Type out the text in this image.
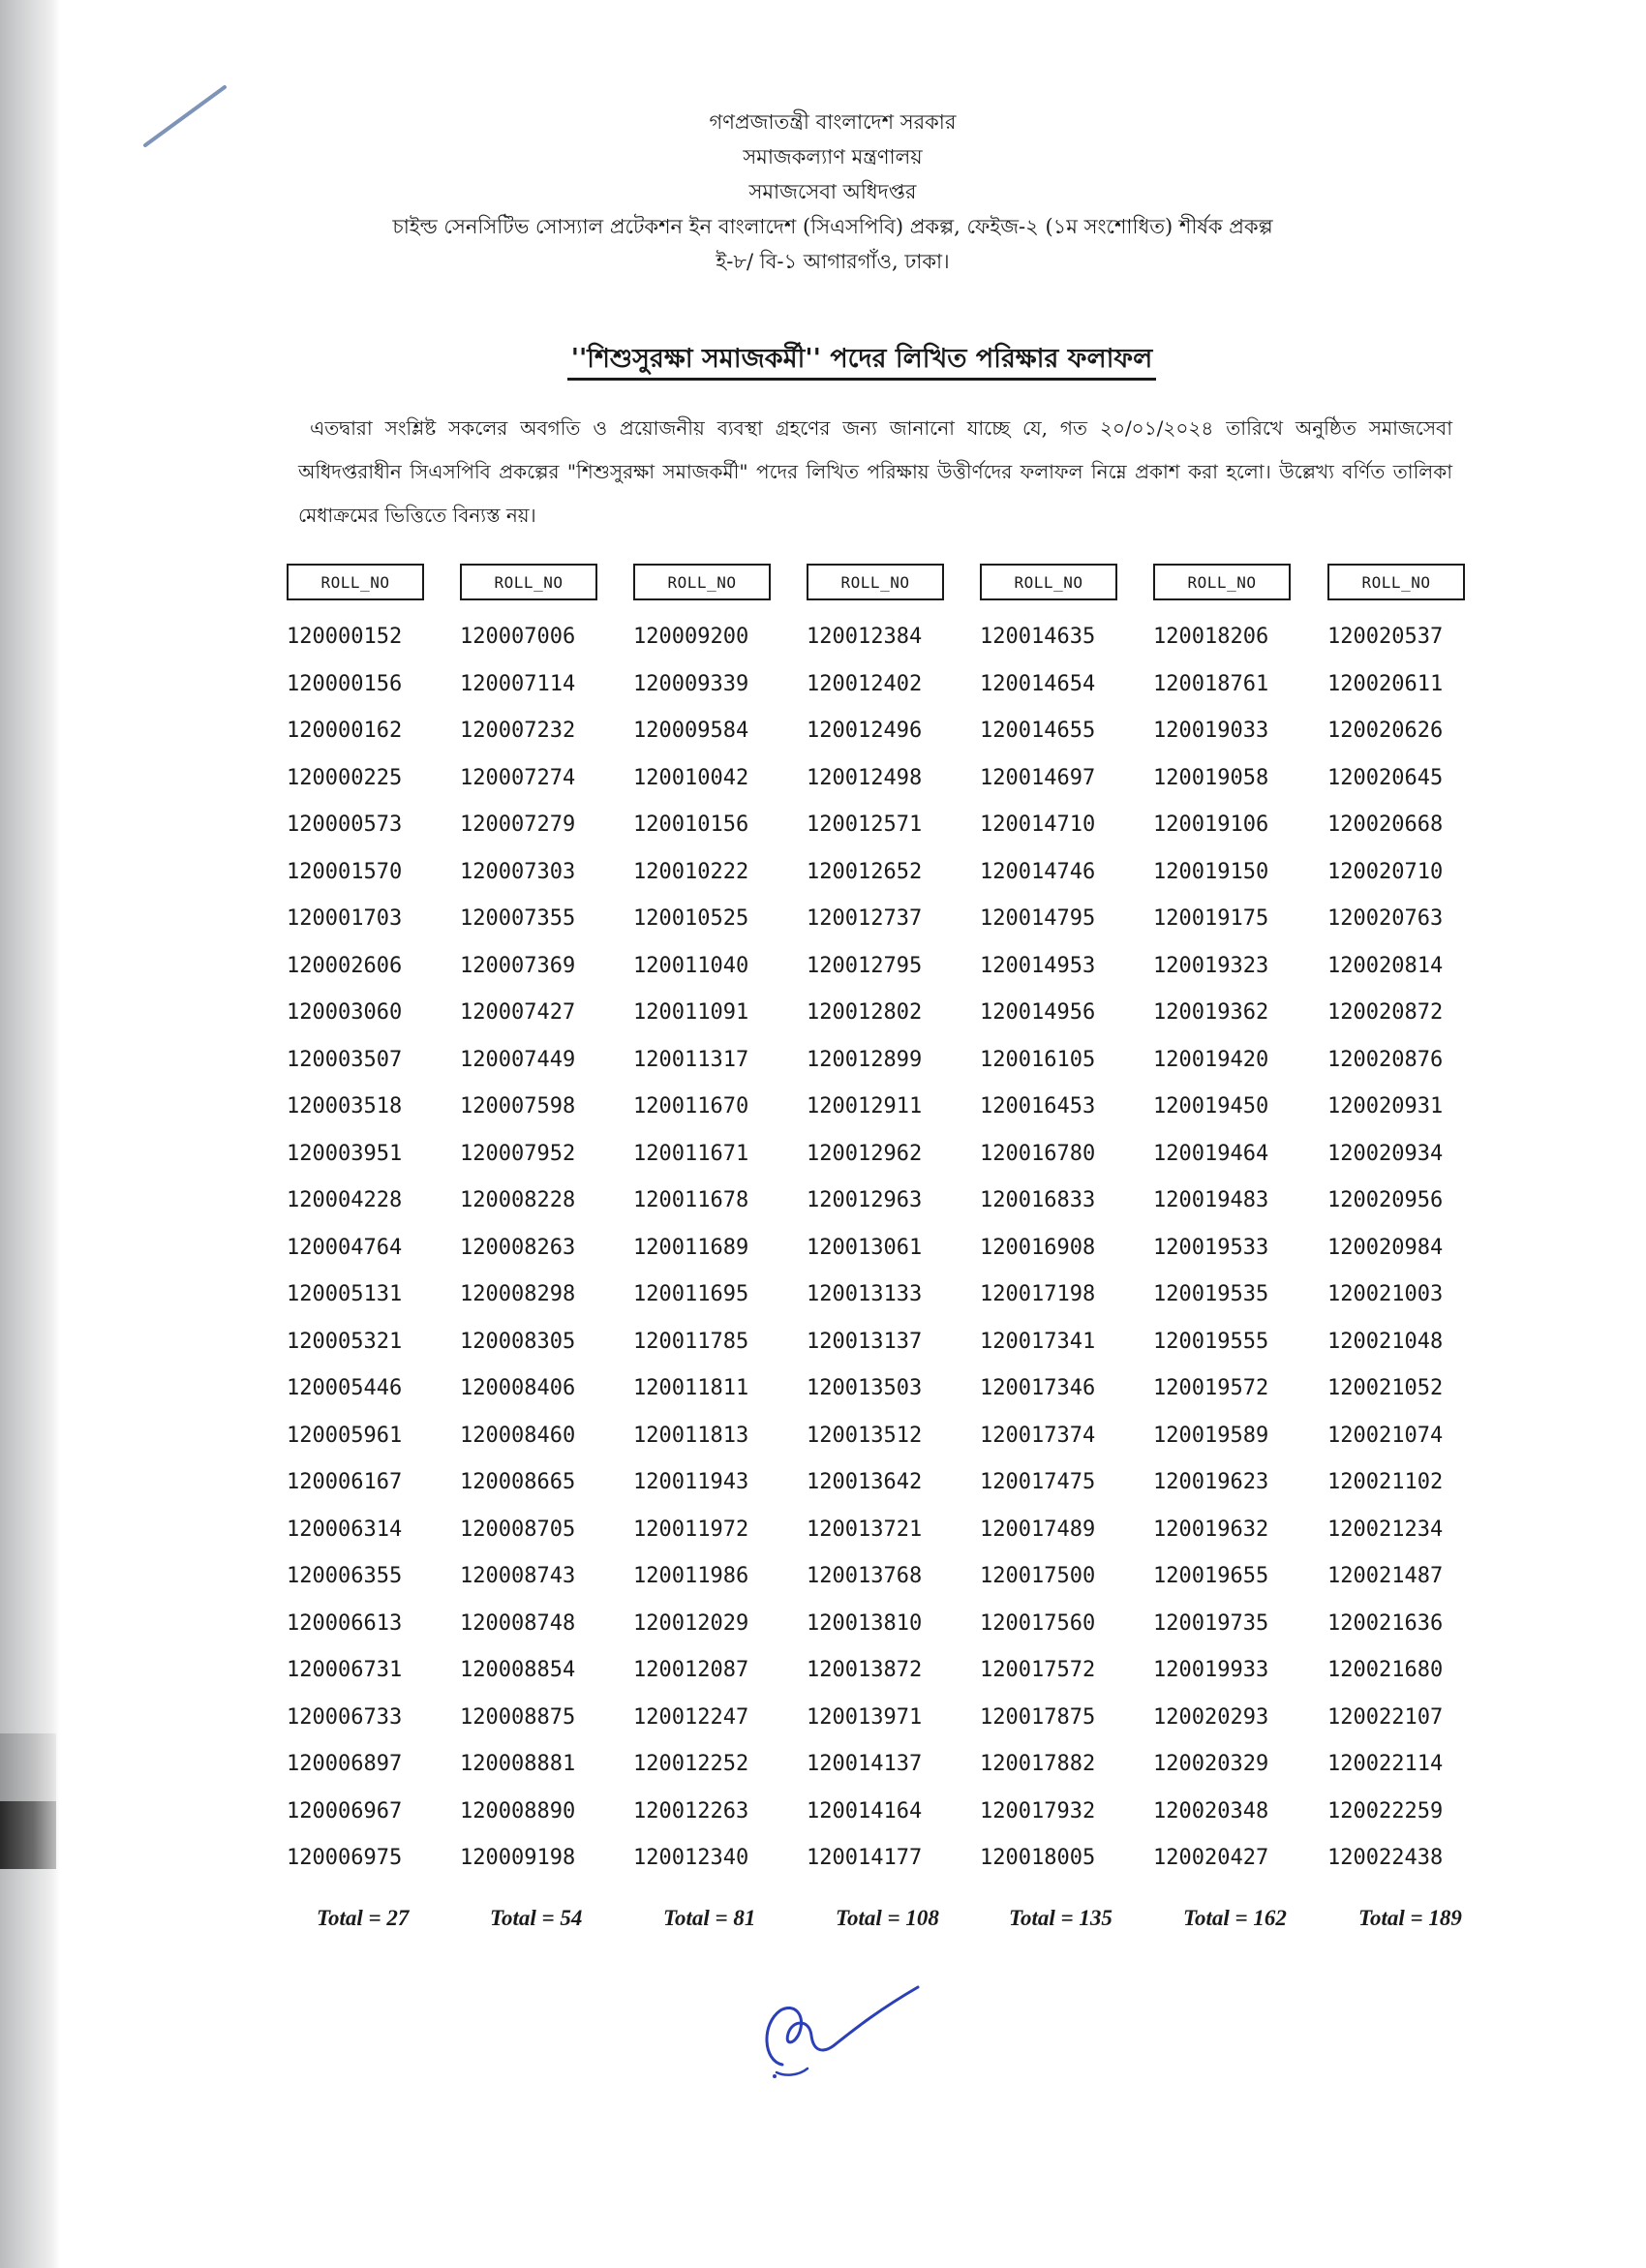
গণপ্রজাতন্ত্রী বাংলাদেশ সরকার
সমাজকল্যাণ মন্ত্রণালয়
সমাজসেবা অধিদপ্তর
চাইল্ড সেনসিটিভ সোস্যাল প্রটেকশন ইন বাংলাদেশ (সিএসপিবি) প্রকল্প, ফেইজ-২ (১ম সংশোধিত) শীর্ষক প্রকল্প
ই-৮/ বি-১ আগারগাঁও, ঢাকা।
''শিশুসুরক্ষা সমাজকর্মী'' পদের লিখিত পরিক্ষার ফলাফল
এতদ্বারা সংশ্লিষ্ট সকলের অবগতি ও প্রয়োজনীয় ব্যবস্থা গ্রহণের জন্য জানানো যাচ্ছে যে, গত ২০/০১/২০২৪ তারিখে অনুষ্ঠিত সমাজসেবা অধিদপ্তরাধীন সিএসপিবি প্রকল্পের "শিশুসুরক্ষা সমাজকর্মী" পদের লিখিত পরিক্ষায় উত্তীর্ণদের ফলাফল নিম্নে প্রকাশ করা হলো। উল্লেখ্য বর্ণিত তালিকা মেধাক্রমের ভিত্তিতে বিন্যস্ত নয়।
ROLL_NO
120000152
120000156
120000162
120000225
120000573
120001570
120001703
120002606
120003060
120003507
120003518
120003951
120004228
120004764
120005131
120005321
120005446
120005961
120006167
120006314
120006355
120006613
120006731
120006733
120006897
120006967
120006975
Total = 27
ROLL_NO
120007006
120007114
120007232
120007274
120007279
120007303
120007355
120007369
120007427
120007449
120007598
120007952
120008228
120008263
120008298
120008305
120008406
120008460
120008665
120008705
120008743
120008748
120008854
120008875
120008881
120008890
120009198
Total = 54
ROLL_NO
120009200
120009339
120009584
120010042
120010156
120010222
120010525
120011040
120011091
120011317
120011670
120011671
120011678
120011689
120011695
120011785
120011811
120011813
120011943
120011972
120011986
120012029
120012087
120012247
120012252
120012263
120012340
Total = 81
ROLL_NO
120012384
120012402
120012496
120012498
120012571
120012652
120012737
120012795
120012802
120012899
120012911
120012962
120012963
120013061
120013133
120013137
120013503
120013512
120013642
120013721
120013768
120013810
120013872
120013971
120014137
120014164
120014177
Total = 108
ROLL_NO
120014635
120014654
120014655
120014697
120014710
120014746
120014795
120014953
120014956
120016105
120016453
120016780
120016833
120016908
120017198
120017341
120017346
120017374
120017475
120017489
120017500
120017560
120017572
120017875
120017882
120017932
120018005
Total = 135
ROLL_NO
120018206
120018761
120019033
120019058
120019106
120019150
120019175
120019323
120019362
120019420
120019450
120019464
120019483
120019533
120019535
120019555
120019572
120019589
120019623
120019632
120019655
120019735
120019933
120020293
120020329
120020348
120020427
Total = 162
ROLL_NO
120020537
120020611
120020626
120020645
120020668
120020710
120020763
120020814
120020872
120020876
120020931
120020934
120020956
120020984
120021003
120021048
120021052
120021074
120021102
120021234
120021487
120021636
120021680
120022107
120022114
120022259
120022438
Total = 189
